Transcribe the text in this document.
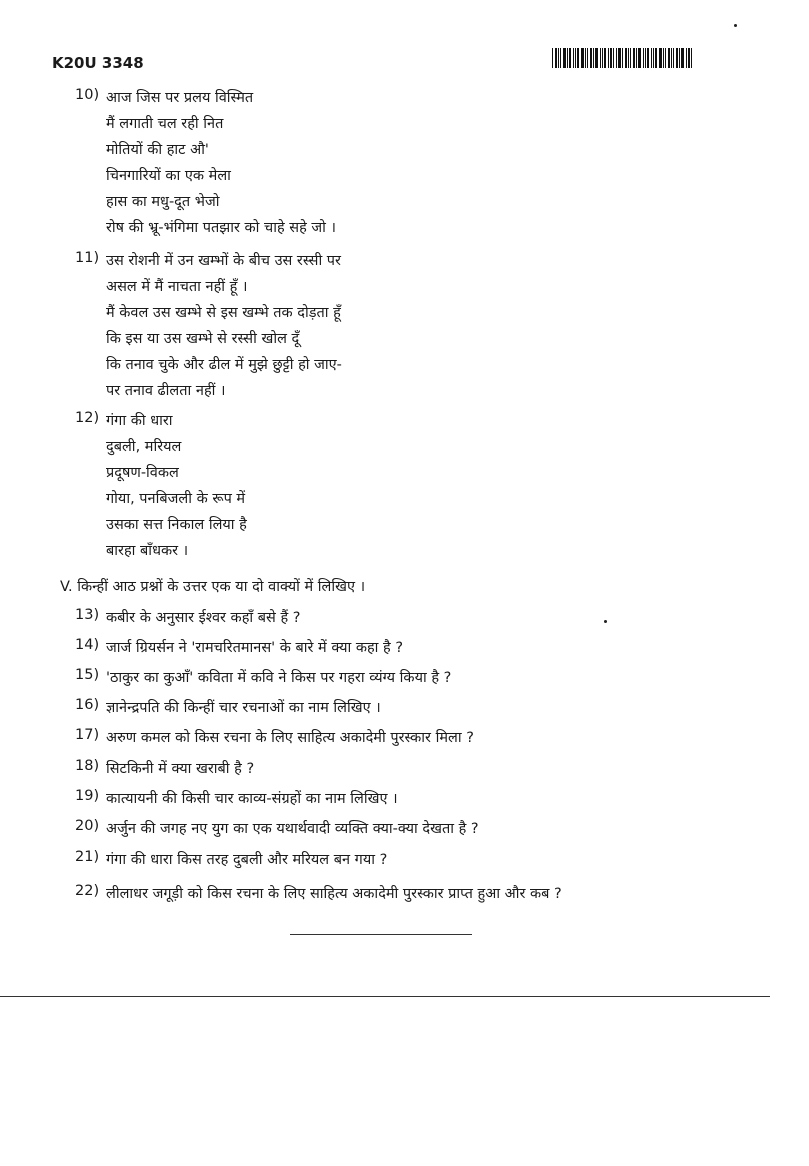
K20U 3348
10) आज जिस पर प्रलय विस्मित
मैं लगाती चल रही नित
मोतियों की हाट औ'
चिनगारियों का एक मेला
हास का मधु-दूत भेजो
रोष की भ्रू-भंगिमा पतझार को चाहे सहे जो ।
11) उस रोशनी में उन खम्भों के बीच उस रस्सी पर
असल में मैं नाचता नहीं हूँ ।
मैं केवल उस खम्भे से इस खम्भे तक दोड़ता हूँ
कि इस या उस खम्भे से रस्सी खोल दूँ
कि तनाव चुके और ढील में मुझे छुट्टी हो जाए-
पर तनाव ढीलता नहीं ।
12) गंगा की धारा
दुबली, मरियल
प्रदूषण-विकल
गोया, पनबिजली के रूप में
उसका सत्त निकाल लिया है
बारहा बाँधकर ।
V. किन्हीं आठ प्रश्नों के उत्तर एक या दो वाक्यों में लिखिए ।
13) कबीर के अनुसार ईश्वर कहाँ बसे हैं ?
14) जार्ज ग्रियर्सन ने 'रामचरितमानस' के बारे में क्या कहा है ?
15) 'ठाकुर का कुआँ' कविता में कवि ने किस पर गहरा व्यंग्य किया है ?
16) ज्ञानेन्द्रपति की किन्हीं चार रचनाओं का नाम लिखिए ।
17) अरुण कमल को किस रचना के लिए साहित्य अकादेमी पुरस्कार मिला ?
18) सिटकिनी में क्या खराबी है ?
19) कात्यायनी की किसी चार काव्य-संग्रहों का नाम लिखिए ।
20) अर्जुन की जगह नए युग का एक यथार्थवादी व्यक्ति क्या-क्या देखता है ?
21) गंगा की धारा किस तरह दुबली और मरियल बन गया ?
22) लीलाधर जगूड़ी को किस रचना के लिए साहित्य अकादेमी पुरस्कार प्राप्त हुआ और कब ?
